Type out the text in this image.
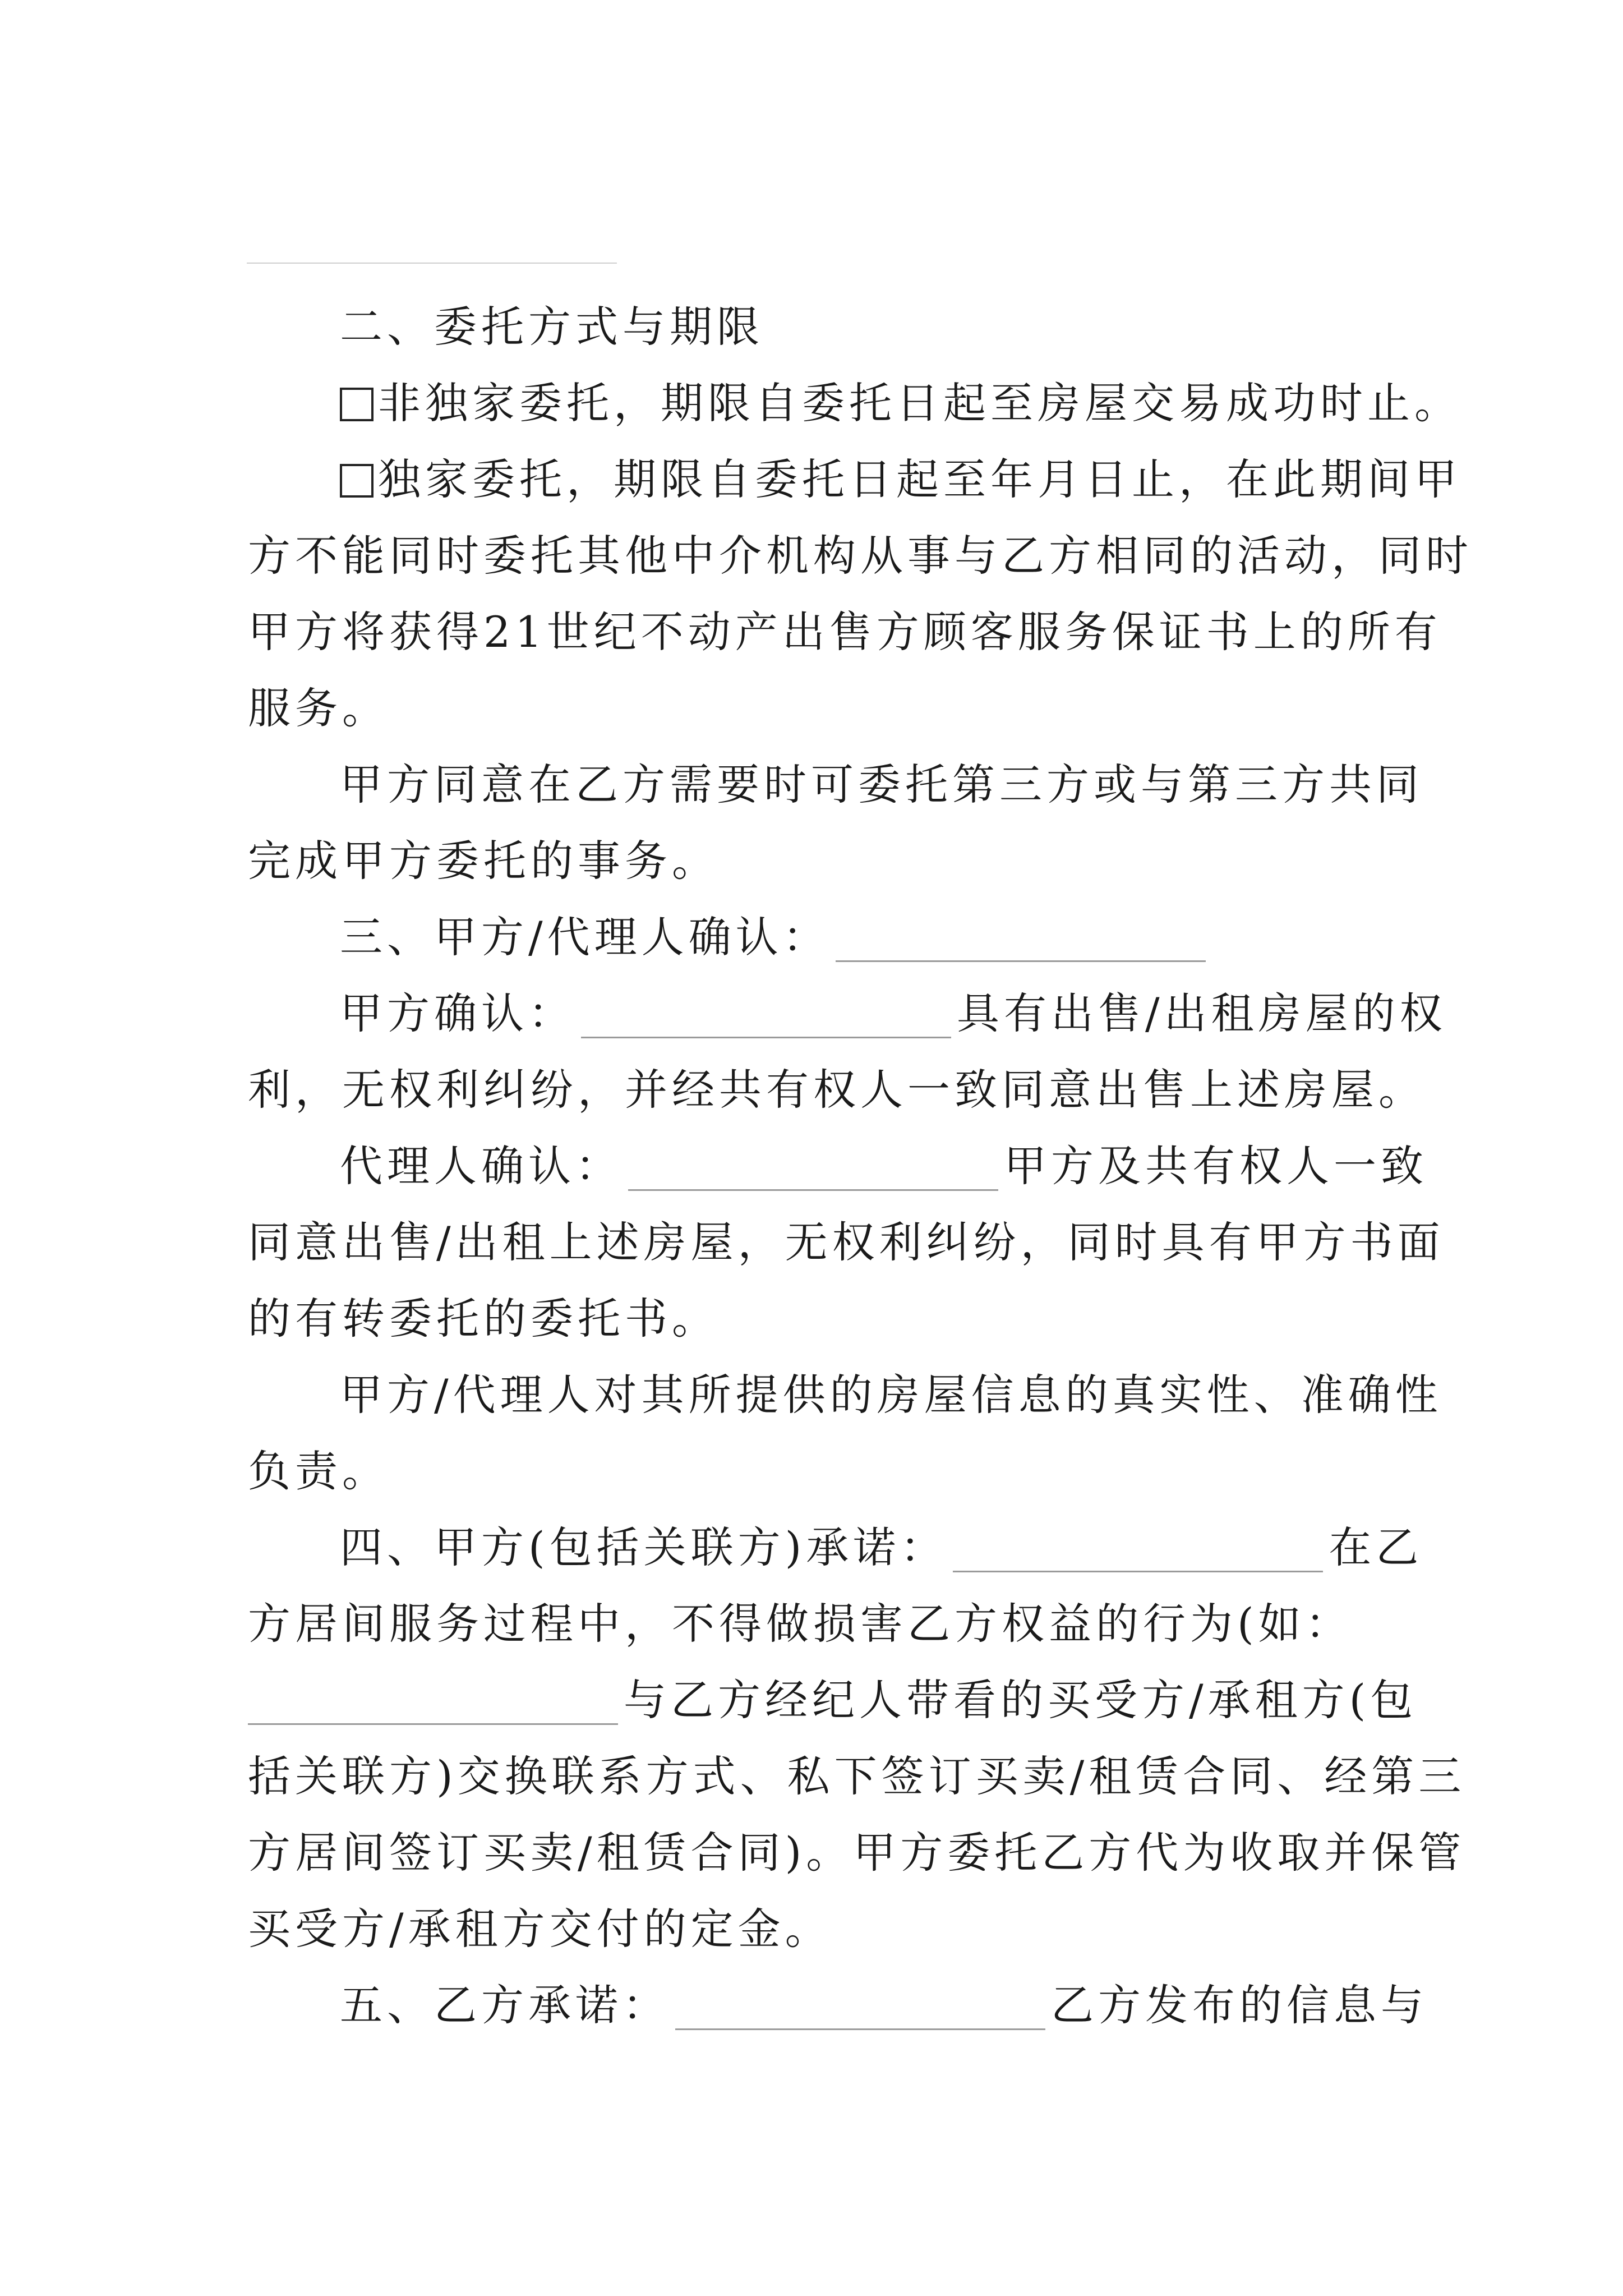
二、委托方式与期限
非独家委托，期限自委托日起至房屋交易成功时止。
独家委托，期限自委托日起至年月日止，在此期间甲
方不能同时委托其他中介机构从事与乙方相同的活动，同时
甲方将获得21世纪不动产出售方顾客服务保证书上的所有
服务。
甲方同意在乙方需要时可委托第三方或与第三方共同
完成甲方委托的事务。
三、甲方/代理人确认：
甲方确认：	具有出售/出租房屋的权
利，无权利纠纷，并经共有权人一致同意出售上述房屋。
代理人确认：	甲方及共有权人一致
同意出售/出租上述房屋，无权利纠纷，同时具有甲方书面
的有转委托的委托书。
甲方/代理人对其所提供的房屋信息的真实性、准确性
负责。
四、甲方(包括关联方)承诺：	在乙
方居间服务过程中，不得做损害乙方权益的行为(如：
与乙方经纪人带看的买受方/承租方(包
括关联方)交换联系方式、私下签订买卖/租赁合同、经第三
方居间签订买卖/租赁合同)。甲方委托乙方代为收取并保管
买受方/承租方交付的定金。
五、乙方承诺：	乙方发布的信息与
